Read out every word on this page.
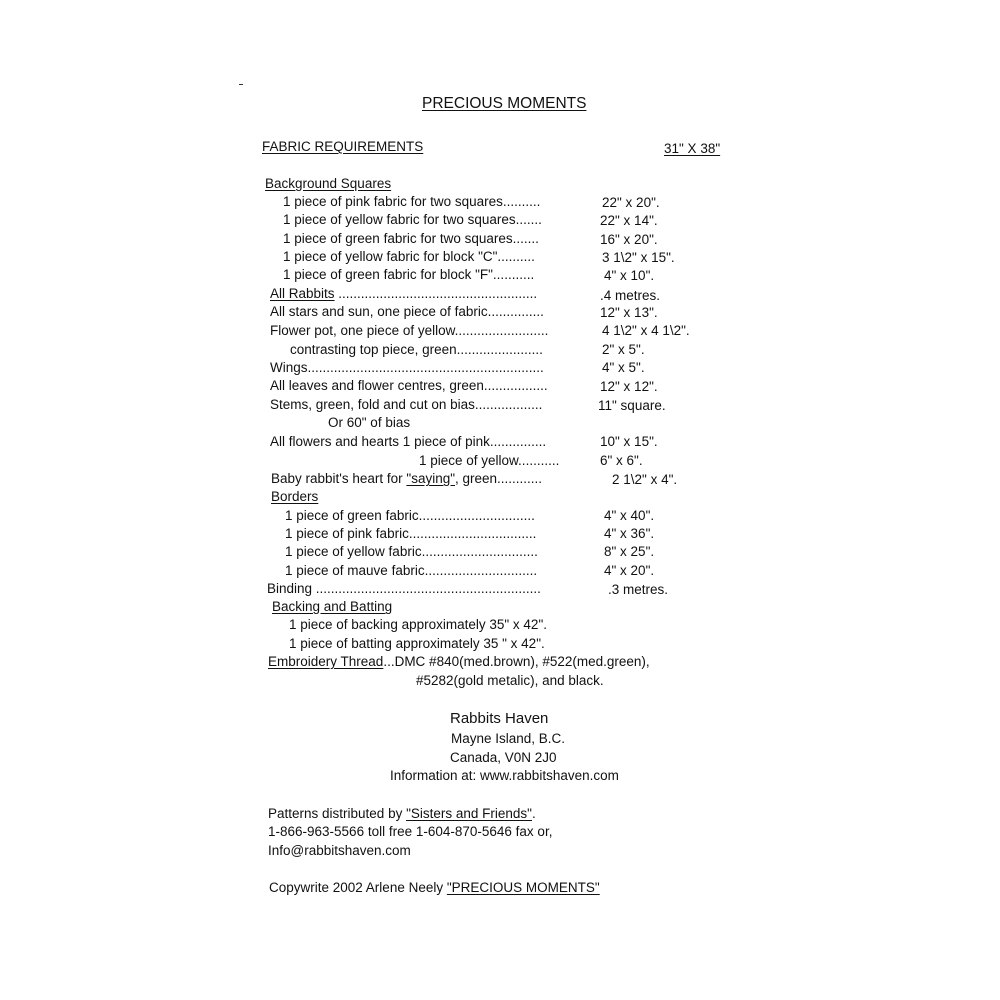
PRECIOUS MOMENTS
FABRIC REQUIREMENTS	31" X 38"
Background Squares
1 piece of pink fabric for two squares..........	22" x 20".
1 piece of yellow fabric for two squares.......	22" x 14".
1 piece of green fabric for two squares.......	16" x 20".
1 piece of yellow fabric for block "C"..........	3 1\2" x 15".
1 piece of green fabric for block "F"...........	4" x 10".
All Rabbits .....................................................	.4 metres.
All stars and sun, one piece of fabric...............	12" x 13".
Flower pot, one piece of yellow.........................	4 1\2" x 4 1\2".
contrasting top piece, green.......................	2" x 5".
Wings...............................................................	4" x 5".
All leaves and flower centres, green.................	12" x 12".
Stems, green, fold and cut on bias..................	11" square.
Or 60" of bias
All flowers and hearts 1 piece of pink...............	10" x 15".
1 piece of yellow...........	6" x 6".
Baby rabbit's heart for "saying", green............	2 1\2" x 4".
Borders
1 piece of green fabric...............................	4" x 40".
1 piece of pink fabric..................................	4" x 36".
1 piece of yellow fabric...............................	8" x 25".
1 piece of mauve fabric..............................	4" x 20".
Binding ............................................................	.3 metres.
Backing and Batting
1 piece of backing approximately 35" x 42".
1 piece of batting approximately 35 " x 42".
Embroidery Thread...DMC #840(med.brown), #522(med.green),
#5282(gold metalic), and black.
Rabbits Haven
Mayne Island, B.C.
Canada, V0N 2J0
Information at: www.rabbitshaven.com
Patterns distributed by "Sisters and Friends".
1-866-963-5566 toll free 1-604-870-5646 fax or,
Info@rabbitshaven.com
Copywrite 2002 Arlene Neely "PRECIOUS MOMENTS"
